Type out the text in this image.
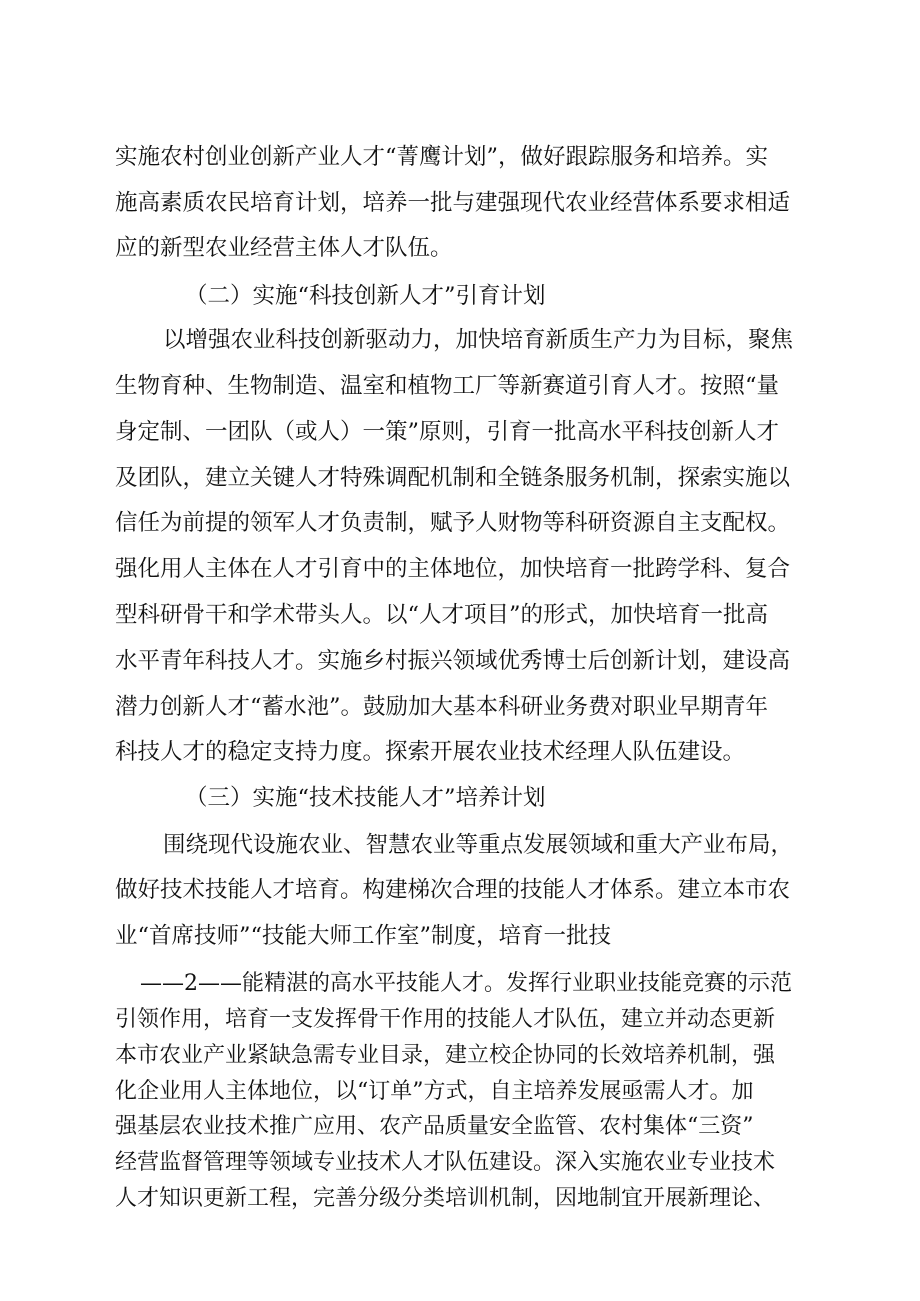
实施农村创业创新产业人才“菁鹰计划”，做好跟踪服务和培养。实

施高素质农民培育计划，培养一批与建强现代农业经营体系要求相适

应的新型农业经营主体人才队伍。

（二）实施“科技创新人才”引育计划

以增强农业科技创新驱动力，加快培育新质生产力为目标，聚焦

生物育种、生物制造、温室和植物工厂等新赛道引育人才。按照“量

身定制、一团队（或人）一策”原则，引育一批高水平科技创新人才

及团队，建立关键人才特殊调配机制和全链条服务机制，探索实施以

信任为前提的领军人才负责制，赋予人财物等科研资源自主支配权。

强化用人主体在人才引育中的主体地位，加快培育一批跨学科、复合

型科研骨干和学术带头人。以“人才项目”的形式，加快培育一批高

水平青年科技人才。实施乡村振兴领域优秀博士后创新计划，建设高

潜力创新人才“蓄水池”。鼓励加大基本科研业务费对职业早期青年

科技人才的稳定支持力度。探索开展农业技术经理人队伍建设。

（三）实施“技术技能人才”培养计划

围绕现代设施农业、智慧农业等重点发展领域和重大产业布局，

做好技术技能人才培育。构建梯次合理的技能人才体系。建立本市农

业“首席技师”“技能大师工作室”制度，培育一批技

——2——能精湛的高水平技能人才。发挥行业职业技能竞赛的示范

引领作用，培育一支发挥骨干作用的技能人才队伍，建立并动态更新

本市农业产业紧缺急需专业目录，建立校企协同的长效培养机制，强

化企业用人主体地位，以“订单”方式，自主培养发展亟需人才。加

强基层农业技术推广应用、农产品质量安全监管、农村集体“三资”

经营监督管理等领域专业技术人才队伍建设。深入实施农业专业技术

人才知识更新工程，完善分级分类培训机制，因地制宜开展新理论、
